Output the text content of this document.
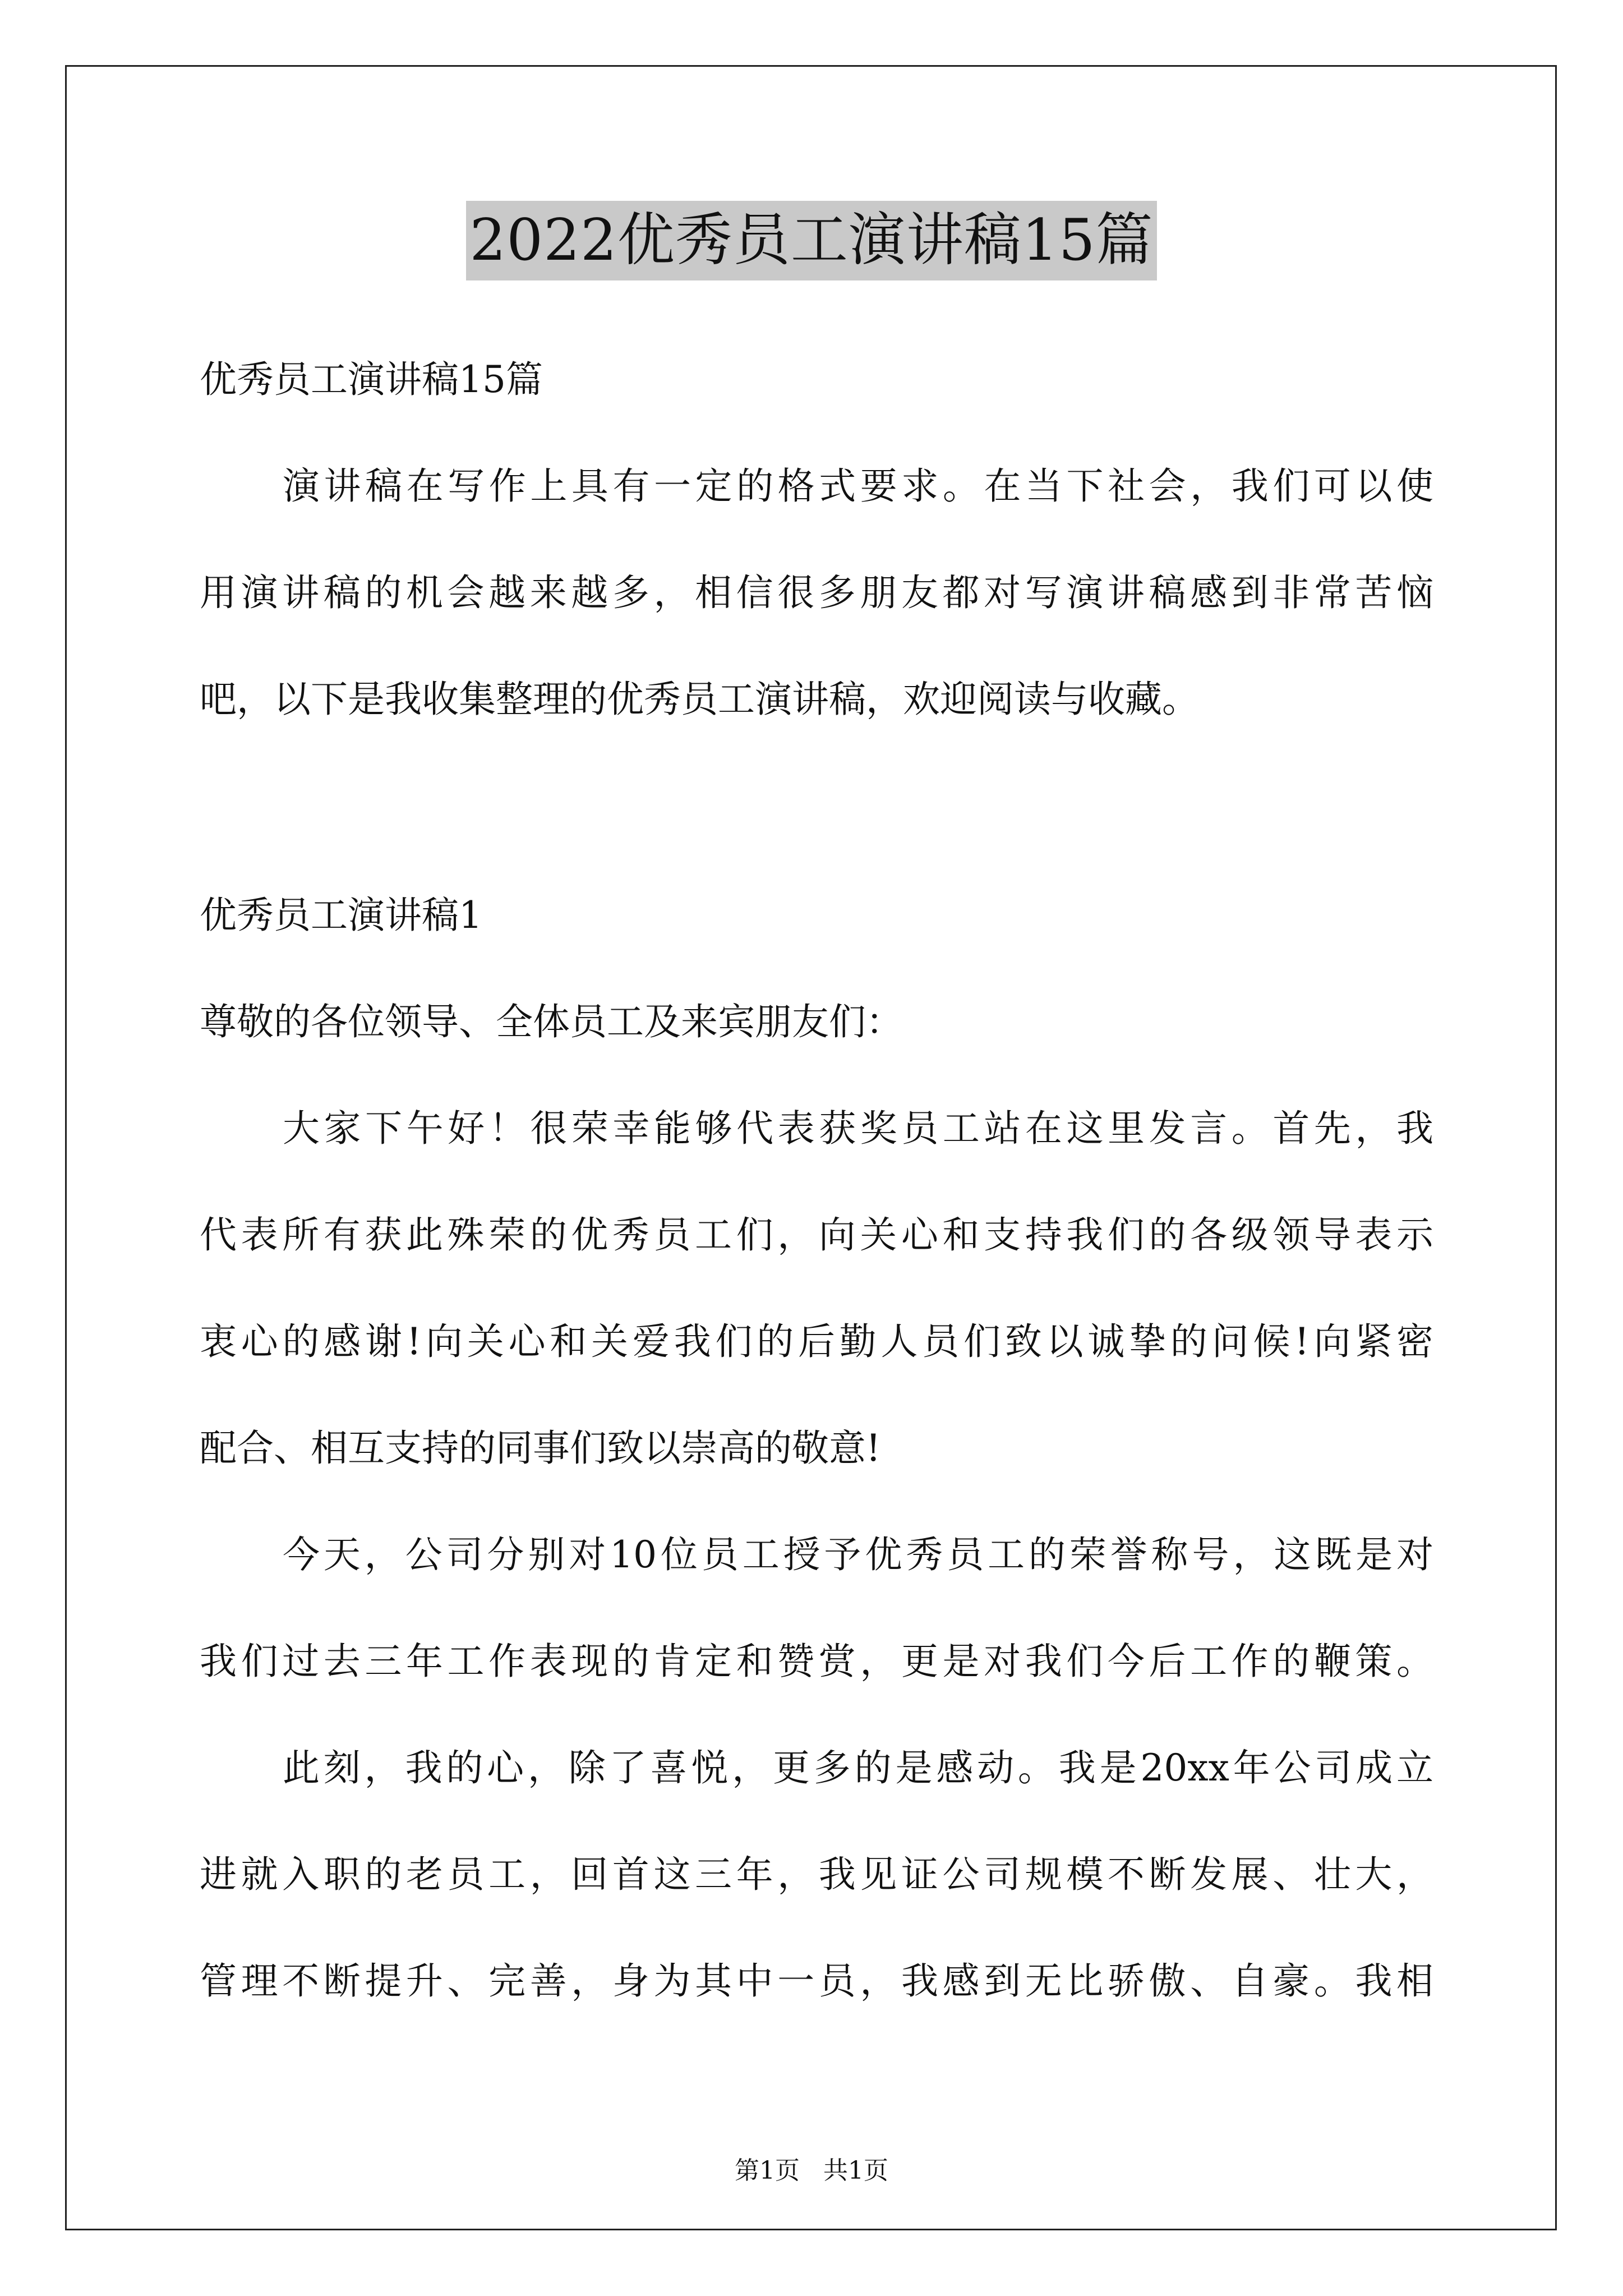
2022优秀员工演讲稿15篇
优秀员工演讲稿15篇
演讲稿在写作上具有一定的格式要求。在当下社会，我们可以使
用演讲稿的机会越来越多，相信很多朋友都对写演讲稿感到非常苦恼
吧，以下是我收集整理的优秀员工演讲稿，欢迎阅读与收藏。
优秀员工演讲稿1
尊敬的各位领导、全体员工及来宾朋友们：
大家下午好！很荣幸能够代表获奖员工站在这里发言。首先，我
代表所有获此殊荣的优秀员工们，向关心和支持我们的各级领导表示
衷心的感谢!向关心和关爱我们的后勤人员们致以诚挚的问候!向紧密
配合、相互支持的同事们致以崇高的敬意!
今天，公司分别对10位员工授予优秀员工的荣誉称号，这既是对
我们过去三年工作表现的肯定和赞赏，更是对我们今后工作的鞭策。
此刻，我的心，除了喜悦，更多的是感动。我是20xx年公司成立
进就入职的老员工，回首这三年，我见证公司规模不断发展、壮大，
管理不断提升、完善，身为其中一员，我感到无比骄傲、自豪。我相
第1页   共1页
